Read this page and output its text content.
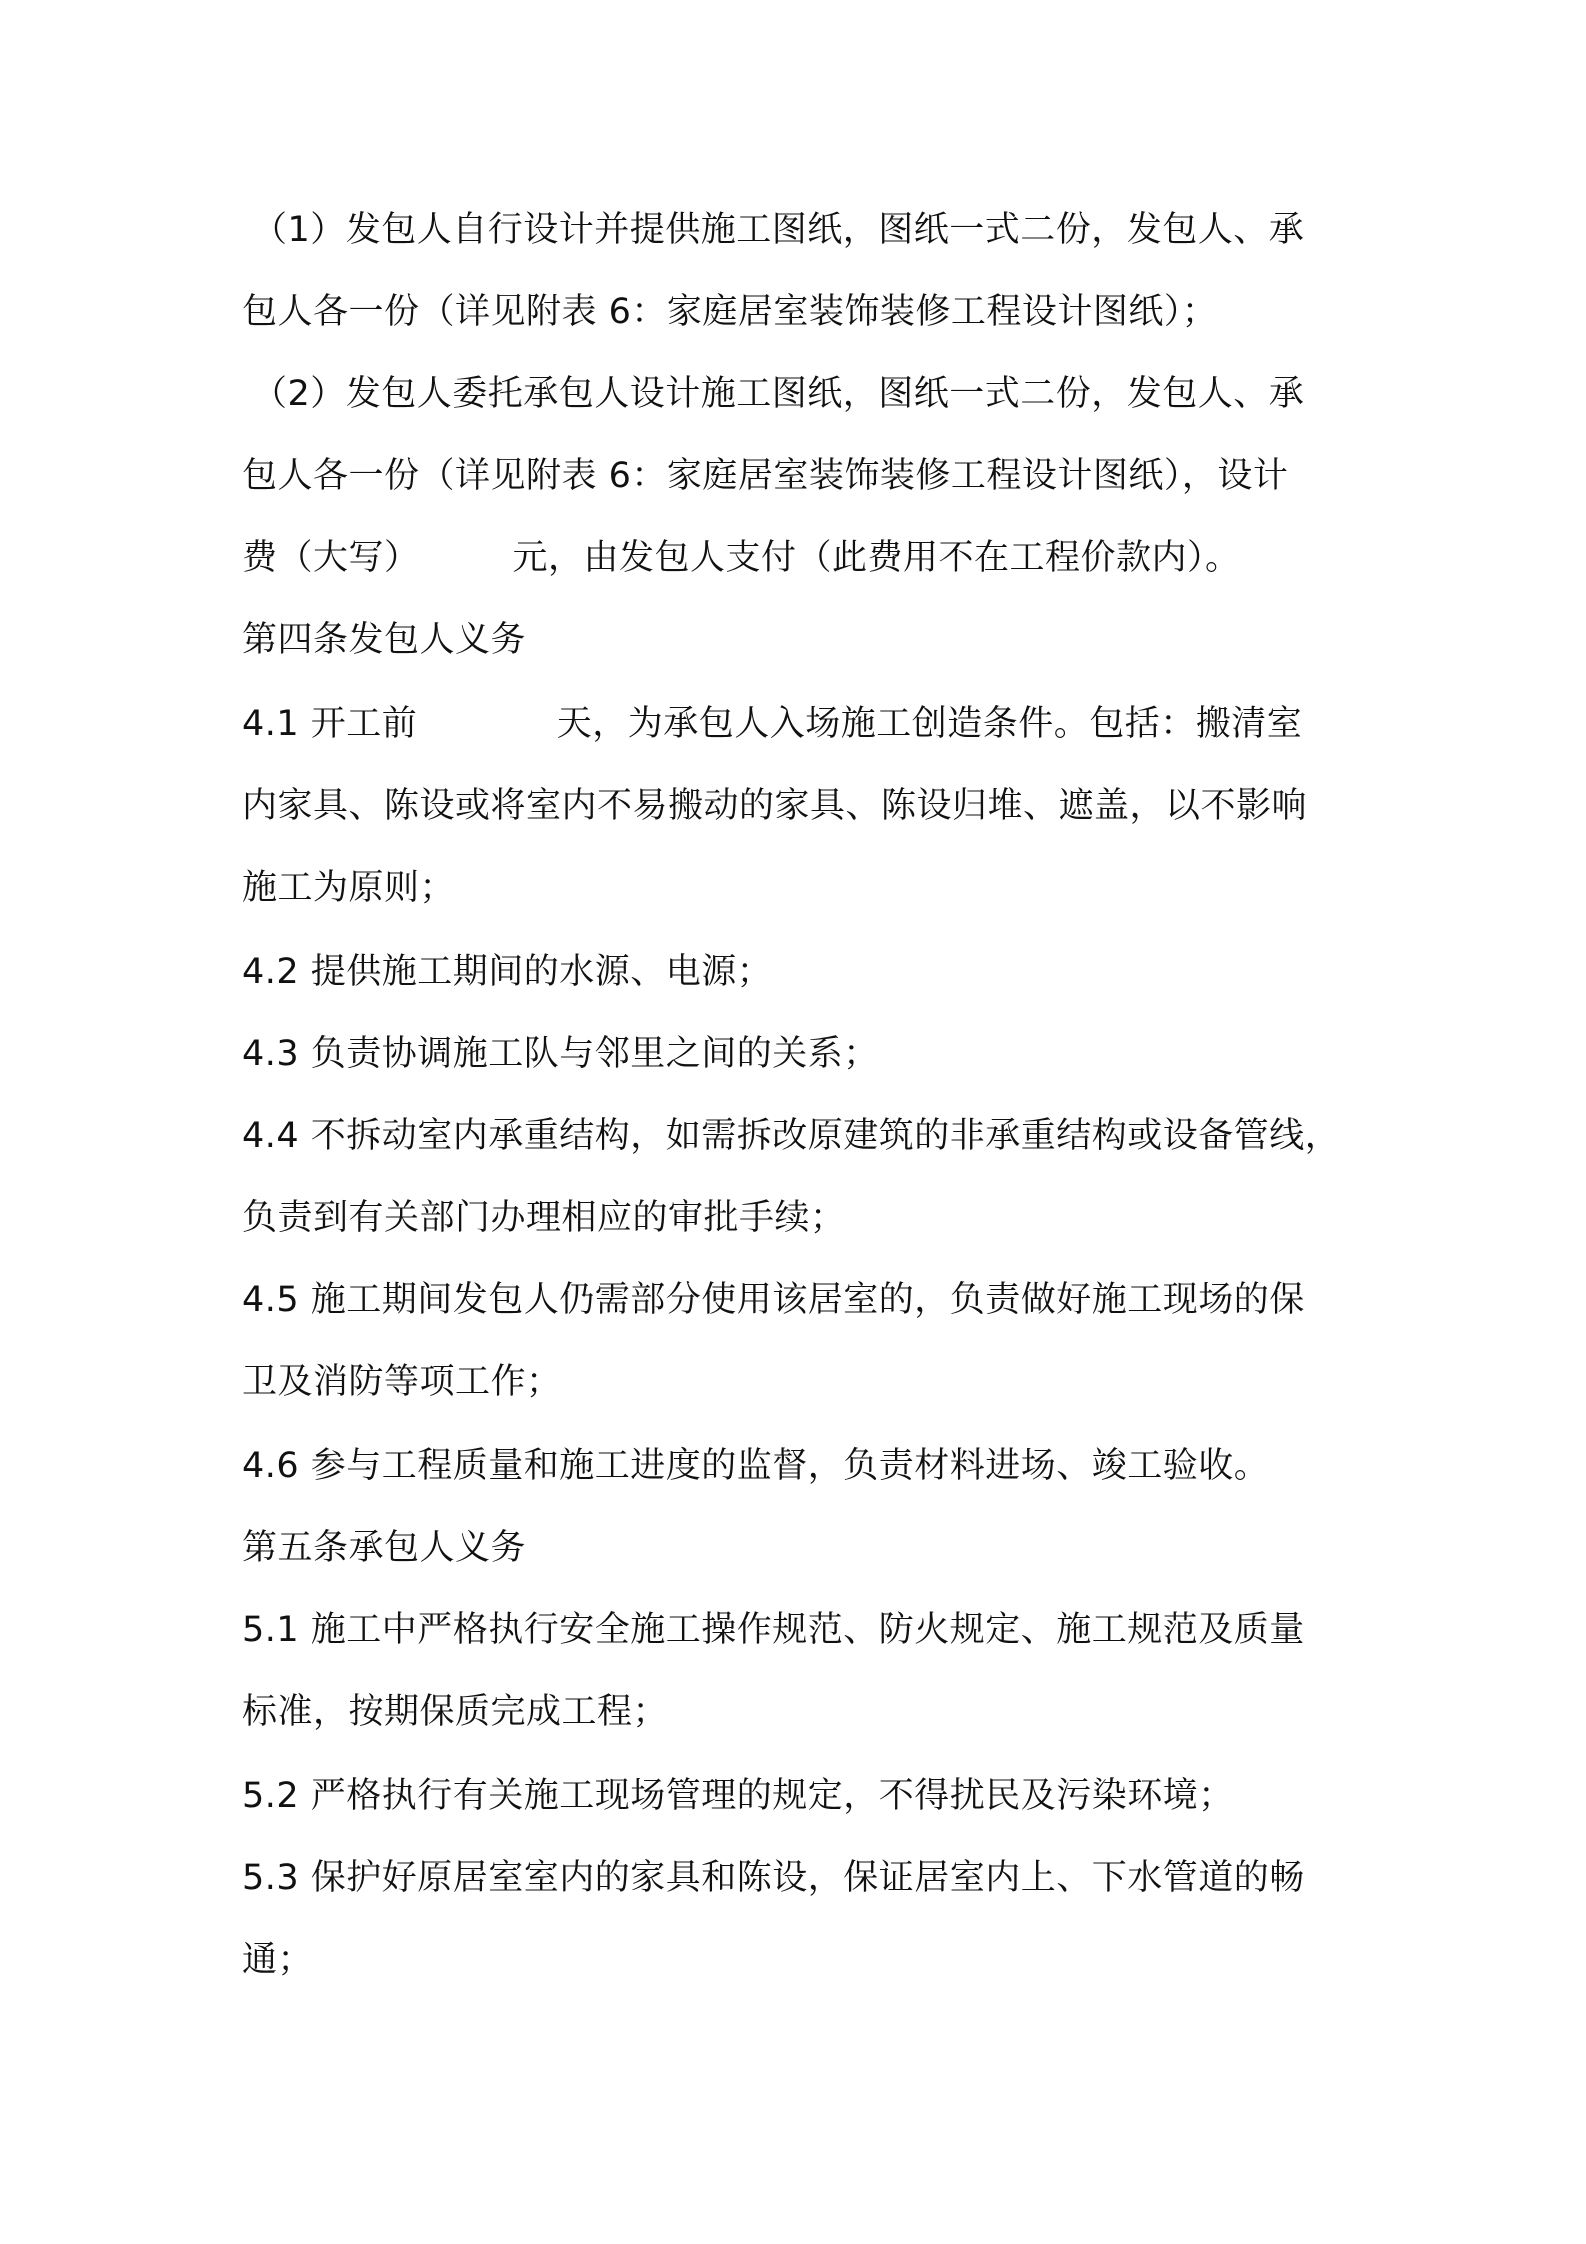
（1）发包人自行设计并提供施工图纸，图纸一式二份，发包人、承
包人各一份（详见附表 6：家庭居室装饰装修工程设计图纸）；
（2）发包人委托承包人设计施工图纸，图纸一式二份，发包人、承
包人各一份（详见附表 6：家庭居室装饰装修工程设计图纸），设计
费（大写）        元，由发包人支付（此费用不在工程价款内）。
第四条发包人义务
4.1 开工前            天，为承包人入场施工创造条件。包括：搬清室
内家具、陈设或将室内不易搬动的家具、陈设归堆、遮盖，以不影响
施工为原则；
4.2 提供施工期间的水源、电源；
4.3 负责协调施工队与邻里之间的关系；
4.4 不拆动室内承重结构，如需拆改原建筑的非承重结构或设备管线，
负责到有关部门办理相应的审批手续；
4.5 施工期间发包人仍需部分使用该居室的，负责做好施工现场的保
卫及消防等项工作；
4.6 参与工程质量和施工进度的监督，负责材料进场、竣工验收。
第五条承包人义务
5.1 施工中严格执行安全施工操作规范、防火规定、施工规范及质量
标准，按期保质完成工程；
5.2 严格执行有关施工现场管理的规定，不得扰民及污染环境；
5.3 保护好原居室室内的家具和陈设，保证居室内上、下水管道的畅
通；
